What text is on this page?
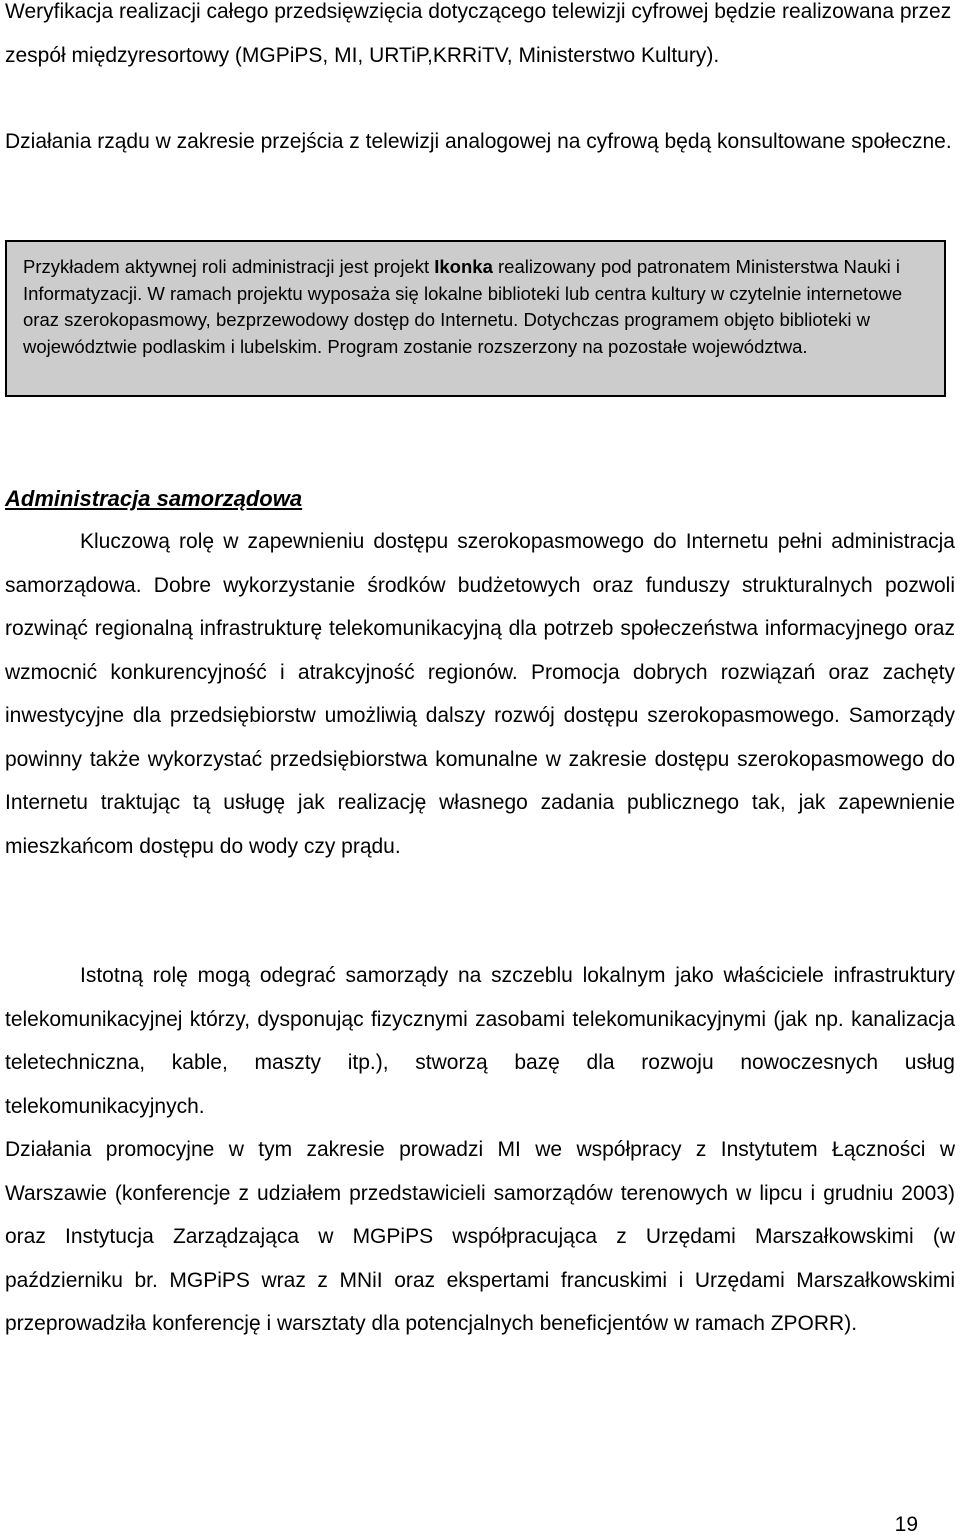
Weryfikacja realizacji całego przedsięwzięcia dotyczącego telewizji cyfrowej będzie realizowana przez zespół międzyresortowy (MGPiPS, MI, URTiP,KRRiTV, Ministerstwo Kultury).

Działania rządu w zakresie przejścia z telewizji analogowej na cyfrową będą konsultowane społeczne.

Przykładem aktywnej roli administracji jest projekt Ikonka realizowany pod patronatem Ministerstwa Nauki i Informatyzacji. W ramach projektu wyposaża się lokalne biblioteki lub centra kultury w czytelnie internetowe oraz szerokopasmowy, bezprzewodowy dostęp do Internetu. Dotychczas programem objęto biblioteki w województwie podlaskim i lubelskim. Program zostanie rozszerzony na pozostałe województwa.

Administracja samorządowa

Kluczową rolę w zapewnieniu dostępu szerokopasmowego do Internetu pełni administracja samorządowa. Dobre wykorzystanie środków budżetowych oraz funduszy strukturalnych pozwoli rozwinąć regionalną infrastrukturę telekomunikacyjną dla potrzeb społeczeństwa informacyjnego oraz wzmocnić konkurencyjność i atrakcyjność regionów. Promocja dobrych rozwiązań oraz zachęty inwestycyjne dla przedsiębiorstw umożliwią dalszy rozwój dostępu szerokopasmowego. Samorządy powinny także wykorzystać przedsiębiorstwa komunalne w zakresie dostępu szerokopasmowego do Internetu traktując tą usługę jak realizację własnego zadania publicznego tak, jak zapewnienie mieszkańcom dostępu do wody czy prądu.

Istotną rolę mogą odegrać samorządy na szczeblu lokalnym jako właściciele infrastruktury telekomunikacyjnej którzy, dysponując fizycznymi zasobami telekomunikacyjnymi (jak np. kanalizacja teletechniczna, kable, maszty itp.), stworzą bazę dla rozwoju nowoczesnych usług telekomunikacyjnych.

Działania promocyjne w tym zakresie prowadzi MI we współpracy z Instytutem Łączności w Warszawie (konferencje z udziałem przedstawicieli samorządów terenowych w lipcu i grudniu 2003) oraz Instytucja Zarządzająca w MGPiPS współpracująca z Urzędami Marszałkowskimi (w październiku br. MGPiPS wraz z MNiI oraz ekspertami francuskimi i Urzędami Marszałkowskimi przeprowadziła konferencję i warsztaty dla potencjalnych beneficjentów w ramach ZPORR).

19
